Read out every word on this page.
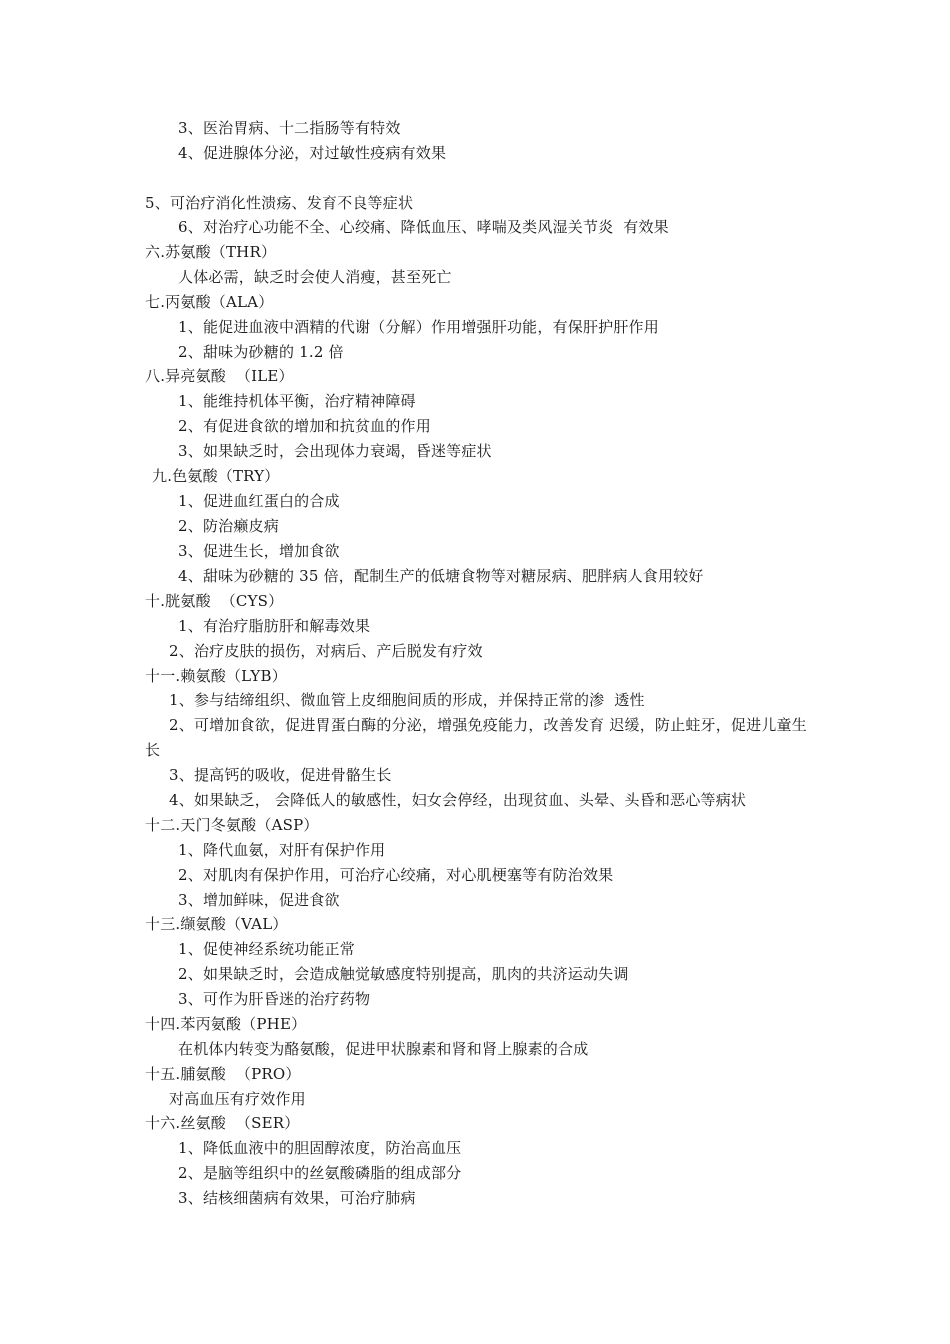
3、医治胃病、十二指肠等有特效
4、促进腺体分泌，对过敏性疫病有效果
5、可治疗消化性溃疡、发育不良等症状
6、对治疗心功能不全、心绞痛、降低血压、哮喘及类风湿关节炎  有效果
六.苏氨酸（THR）
人体必需，缺乏时会使人消瘦，甚至死亡
七.丙氨酸（ALA）
1、能促进血液中酒精的代谢（分解）作用增强肝功能，有保肝护肝作用
2、甜味为砂糖的 1.2 倍
八.异亮氨酸  （ILE）
1、能维持机体平衡，治疗精神障碍
2、有促进食欲的增加和抗贫血的作用
3、如果缺乏时，会出现体力衰竭，昏迷等症状
九.色氨酸（TRY）
1、促进血红蛋白的合成
2、防治癞皮病
3、促进生长，增加食欲
4、甜味为砂糖的 35 倍，配制生产的低塘食物等对糖尿病、肥胖病人食用较好
十.胱氨酸  （CYS）
1、有治疗脂肪肝和解毒效果
2、治疗皮肤的损伤，对病后、产后脱发有疗效
十一.赖氨酸（LYB）
1、参与结缔组织、微血管上皮细胞间质的形成，并保持正常的渗  透性
2、可增加食欲，促进胃蛋白酶的分泌，增强免疫能力，改善发育 迟缓，防止蛀牙，促进儿童生长
3、提高钙的吸收，促进骨骼生长
4、如果缺乏， 会降低人的敏感性，妇女会停经，出现贫血、头晕、头昏和恶心等病状
十二.天门冬氨酸（ASP）
1、降代血氨，对肝有保护作用
2、对肌肉有保护作用，可治疗心绞痛，对心肌梗塞等有防治效果
3、增加鲜味，促进食欲
十三.缬氨酸（VAL）
1、促使神经系统功能正常
2、如果缺乏时，会造成触觉敏感度特别提高，肌肉的共济运动失调
3、可作为肝昏迷的治疗药物
十四.苯丙氨酸（PHE）
在机体内转变为酪氨酸，促进甲状腺素和肾和肾上腺素的合成
十五.脯氨酸  （PRO）
对高血压有疗效作用
十六.丝氨酸  （SER）
1、降低血液中的胆固醇浓度，防治高血压
2、是脑等组织中的丝氨酸磷脂的组成部分
3、结核细菌病有效果，可治疗肺病
